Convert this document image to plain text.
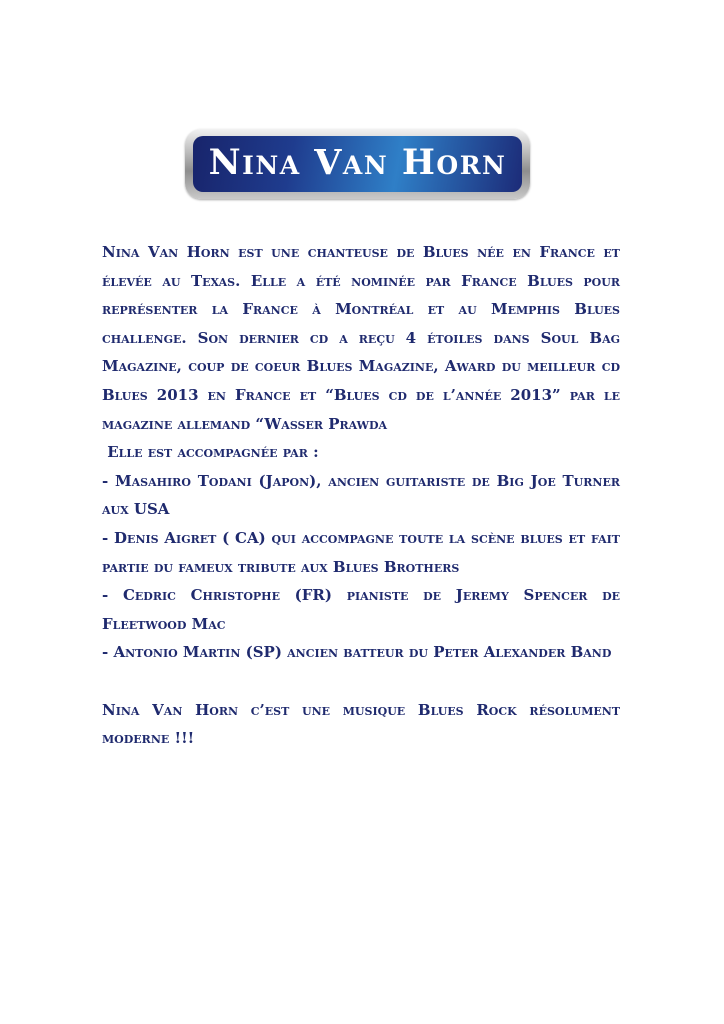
Nina Van Horn

Nina Van Horn est une chanteuse de Blues née en France et élevée au Texas. Elle a été nominée par France Blues pour représenter la France à Montréal et au Memphis Blues challenge. Son dernier cd a reçu 4 étoiles dans Soul Bag Magazine, coup de coeur Blues Magazine, Award du meilleur cd Blues 2013 en France et “Blues cd de l’année 2013” par le magazine allemand “Wasser Prawda

Elle est accompagnée par :

- Masahiro Todani (Japon), ancien guitariste de Big Joe Turner aux USA

- Denis Aigret ( CA) qui accompagne toute la scène blues et fait partie du fameux tribute aux Blues Brothers

- Cedric Christophe (FR) pianiste de Jeremy Spencer de Fleetwood Mac

- Antonio Martin (SP) ancien batteur du Peter Alexander Band

Nina Van Horn c’est une musique Blues Rock résolument moderne !!!
